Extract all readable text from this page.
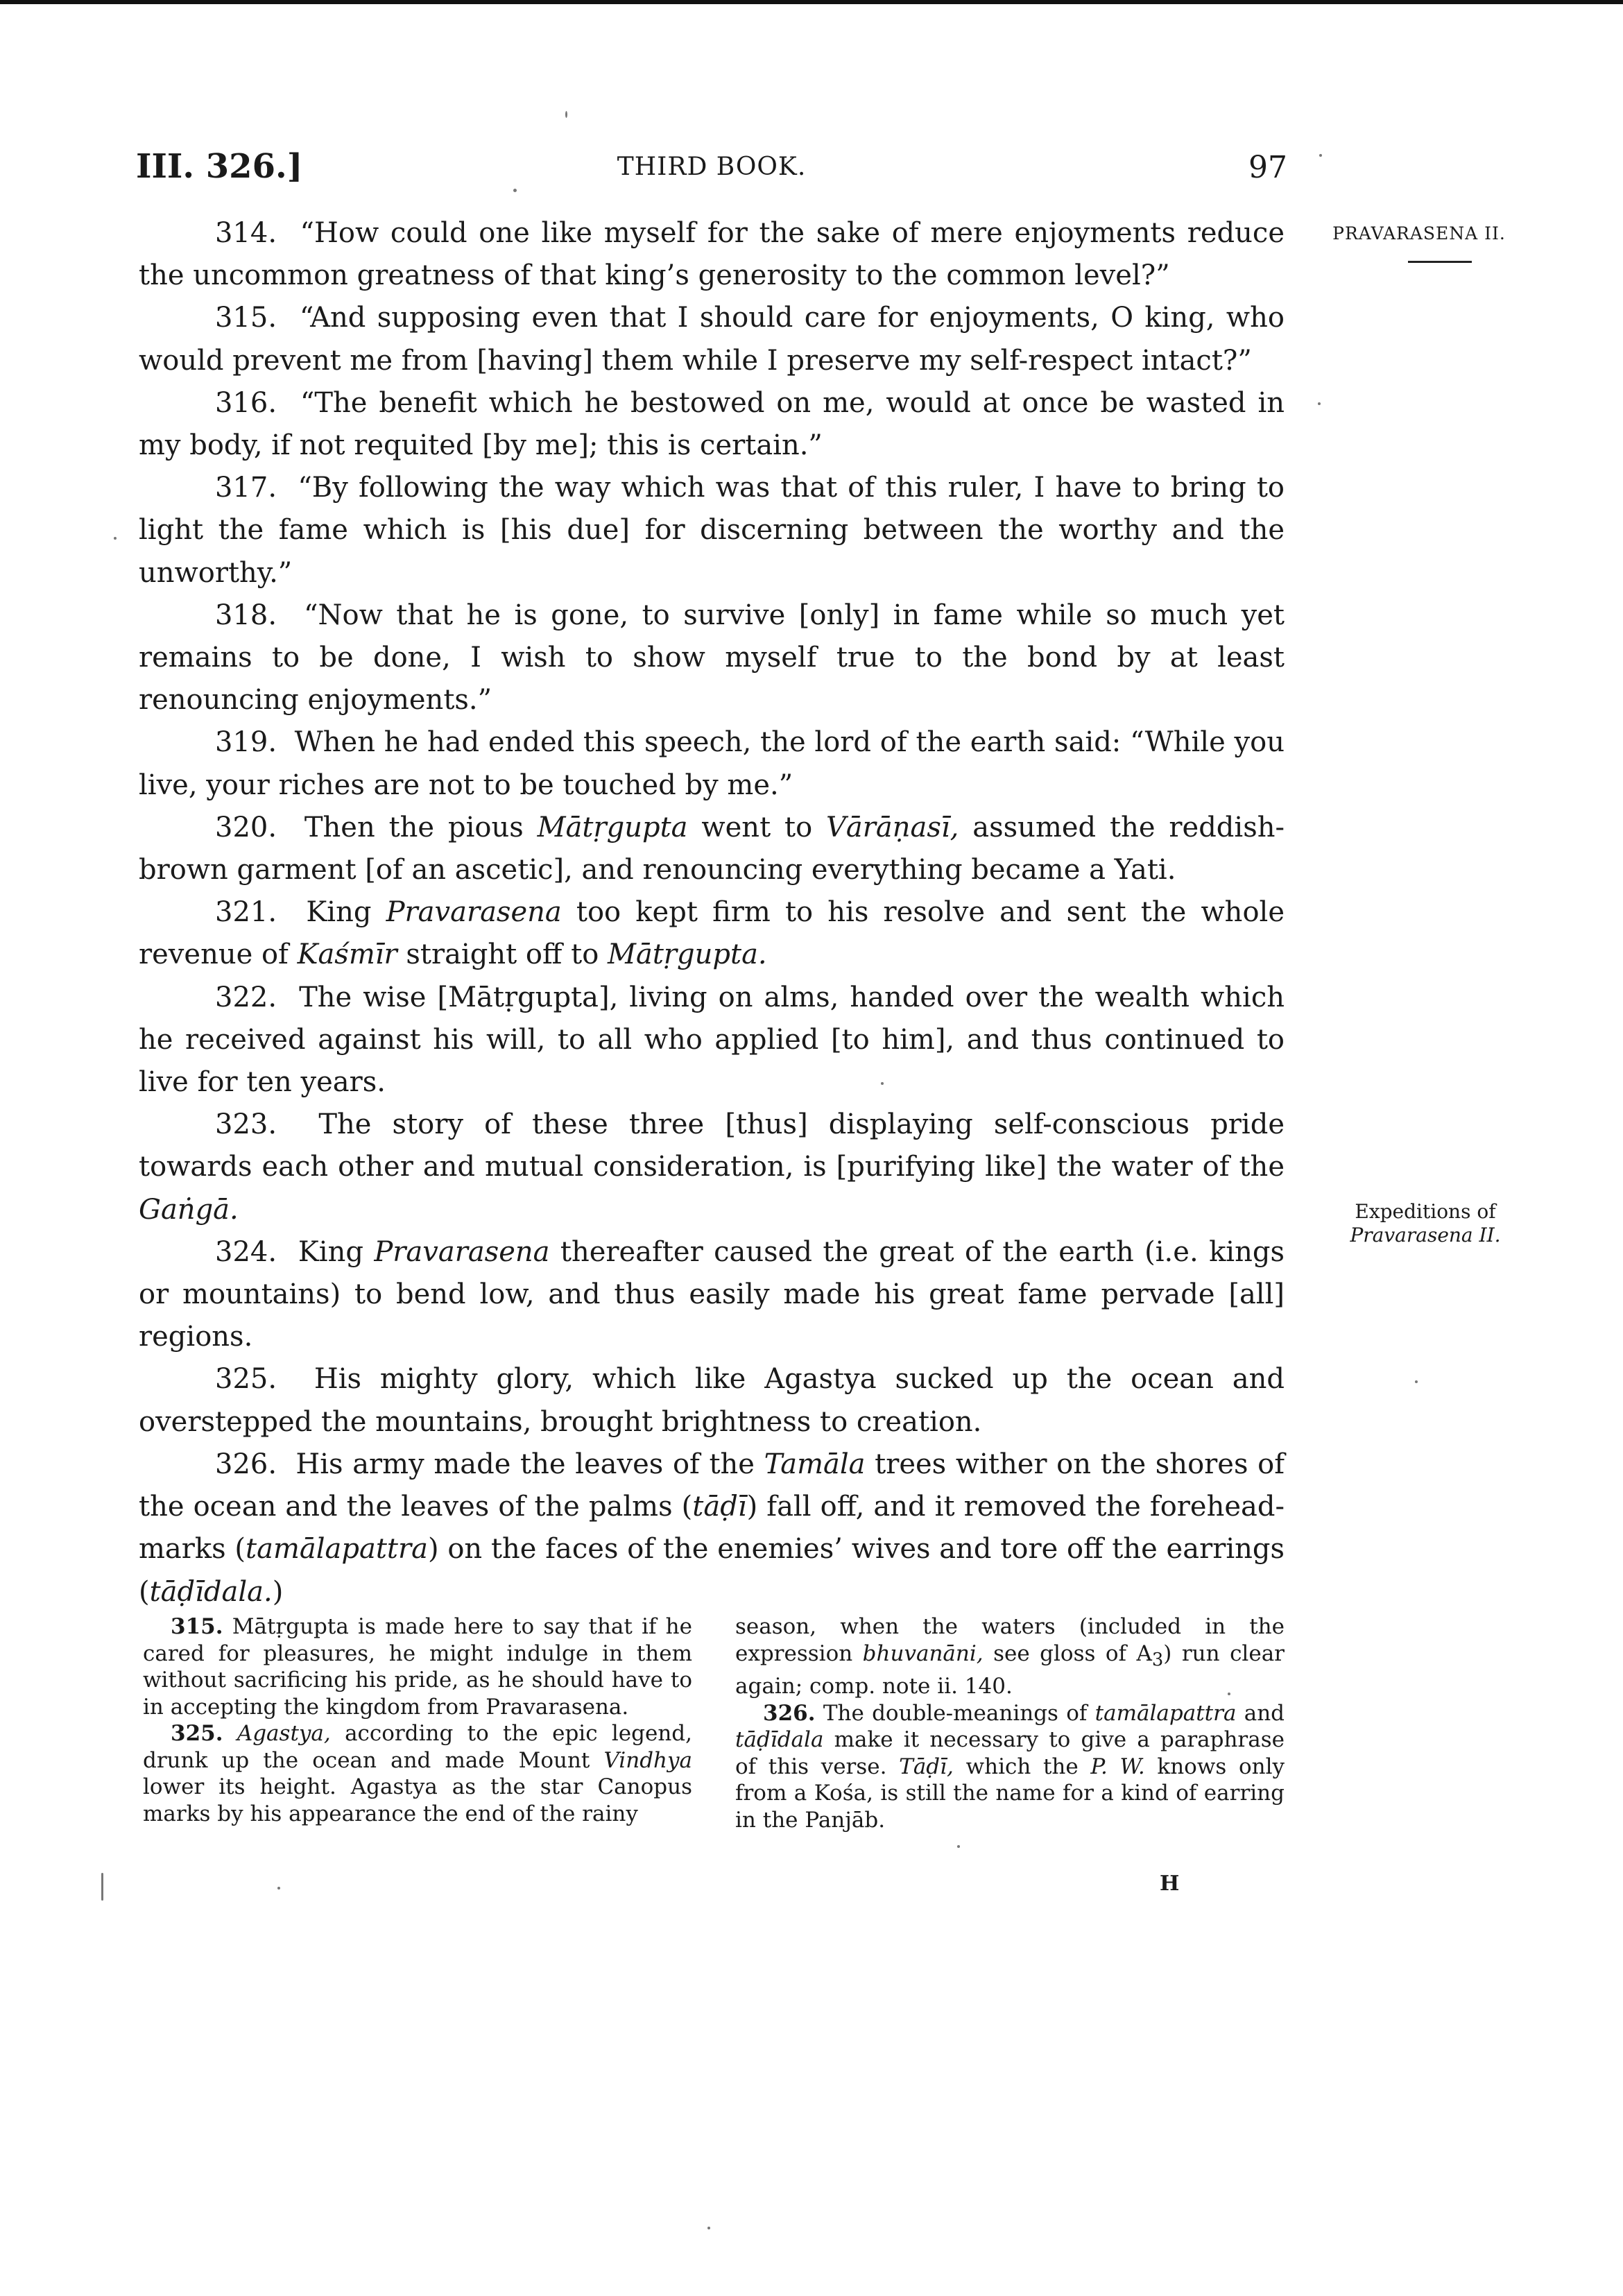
III. 326.]	THIRD BOOK.	97
PRAVARASENA II.

314. “How could one like myself for the sake of mere enjoyments reduce the uncommon greatness of that king’s generosity to the common level?”

315. “And supposing even that I should care for enjoyments, O king, who would prevent me from [having] them while I preserve my self-respect intact?”

316. “The benefit which he bestowed on me, would at once be wasted in my body, if not requited [by me]; this is certain.”

317. “By following the way which was that of this ruler, I have to bring to light the fame which is [his due] for discerning between the worthy and the unworthy.”

318. “Now that he is gone, to survive [only] in fame while so much yet remains to be done, I wish to show myself true to the bond by at least renouncing enjoyments.”

319. When he had ended this speech, the lord of the earth said: “While you live, your riches are not to be touched by me.”

320. Then the pious Mātṛgupta went to Vārāṇasī, assumed the reddish-brown garment [of an ascetic], and renouncing everything became a Yati.

321. King Pravarasena too kept firm to his resolve and sent the whole revenue of Kaśmīr straight off to Mātṛgupta.

322. The wise [Mātṛgupta], living on alms, handed over the wealth which he received against his will, to all who applied [to him], and thus continued to live for ten years.

323. The story of these three [thus] displaying self-conscious pride towards each other and mutual consideration, is [purifying like] the water of the Gaṅgā.

324. King Pravarasena thereafter caused the great of the earth (i.e. kings or mountains) to bend low, and thus easily made his great fame pervade [all] regions.

325. His mighty glory, which like Agastya sucked up the ocean and overstepped the mountains, brought brightness to creation.

326. His army made the leaves of the Tamāla trees wither on the shores of the ocean and the leaves of the palms (tāḍī) fall off, and it removed the forehead-marks (tamālapattra) on the faces of the enemies’ wives and tore off the earrings (tāḍīdala.)

Expeditions of
Pravarasena II.

315. Mātṛgupta is made here to say that if he cared for pleasures, he might indulge in them without sacrificing his pride, as he should have to in accepting the kingdom from Pravarasena.

325. Agastya, according to the epic legend, drunk up the ocean and made Mount Vindhya lower its height. Agastya as the star Canopus marks by his appearance the end of the rainy

season, when the waters (included in the expression bhuvanāni, see gloss of $A_3$) run clear again; comp. note ii. 140.

326. The double-meanings of tamālapattra and tāḍīdala make it necessary to give a paraphrase of this verse. Tāḍī, which the P. W. knows only from a Kośa, is still the name for a kind of earring in the Panjāb.

H
